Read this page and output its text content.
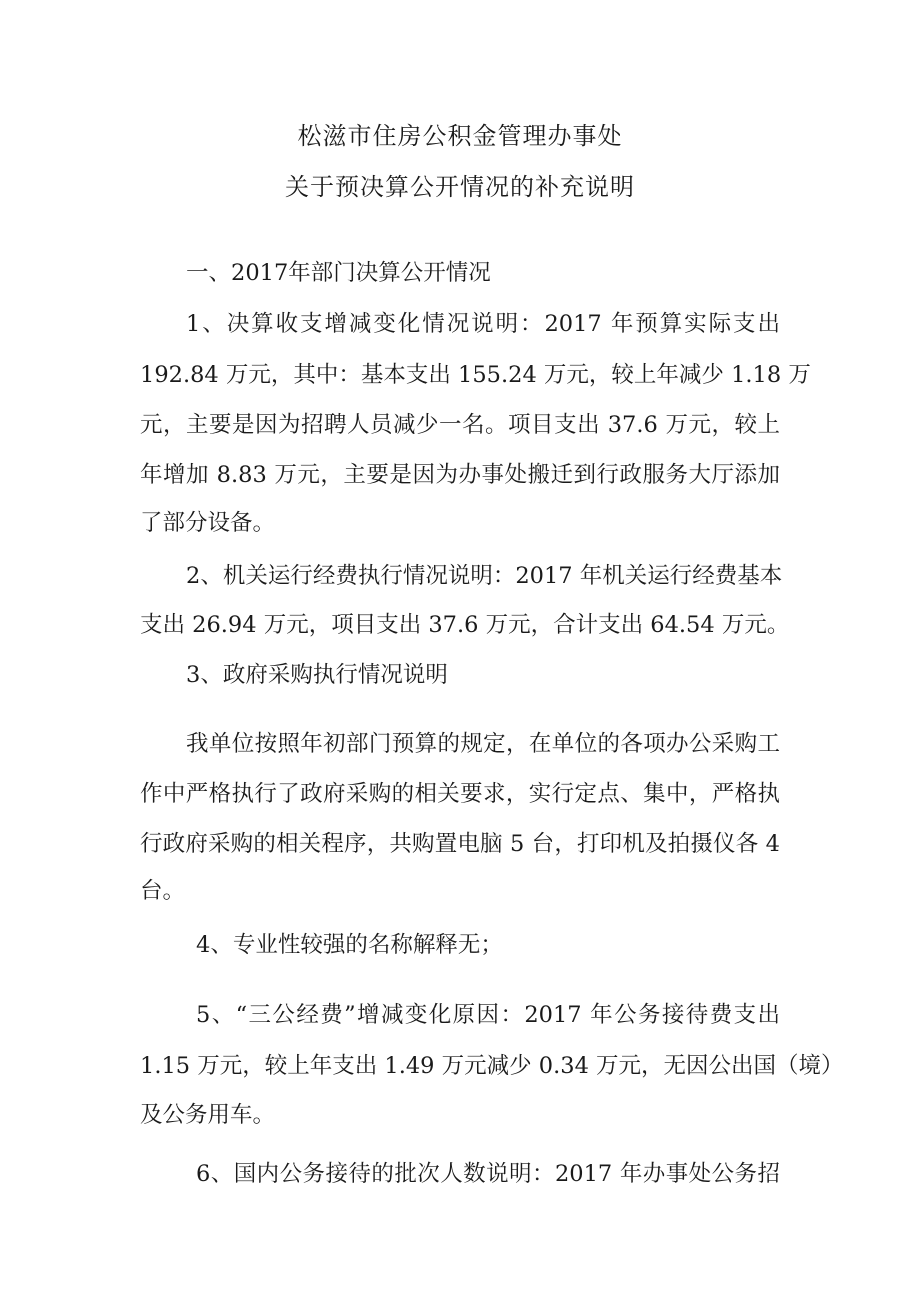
松滋市住房公积金管理办事处
关于预决算公开情况的补充说明
一、2017年部门决算公开情况
1、决算收支增减变化情况说明：2017 年预算实际支出
192.84 万元，其中：基本支出 155.24 万元，较上年减少 1.18 万
元，主要是因为招聘人员减少一名。项目支出 37.6 万元，较上
年增加 8.83 万元，主要是因为办事处搬迁到行政服务大厅添加
了部分设备。
2、机关运行经费执行情况说明：2017 年机关运行经费基本
支出 26.94 万元，项目支出 37.6 万元，合计支出 64.54 万元。
3、政府采购执行情况说明
我单位按照年初部门预算的规定，在单位的各项办公采购工
作中严格执行了政府采购的相关要求，实行定点、集中，严格执
行政府采购的相关程序，共购置电脑 5 台，打印机及拍摄仪各 4
台。
4、专业性较强的名称解释无；
5、“三公经费”增减变化原因：2017 年公务接待费支出
1.15 万元，较上年支出 1.49 万元减少 0.34 万元，无因公出国（境）
及公务用车。
6、国内公务接待的批次人数说明：2017 年办事处公务招
